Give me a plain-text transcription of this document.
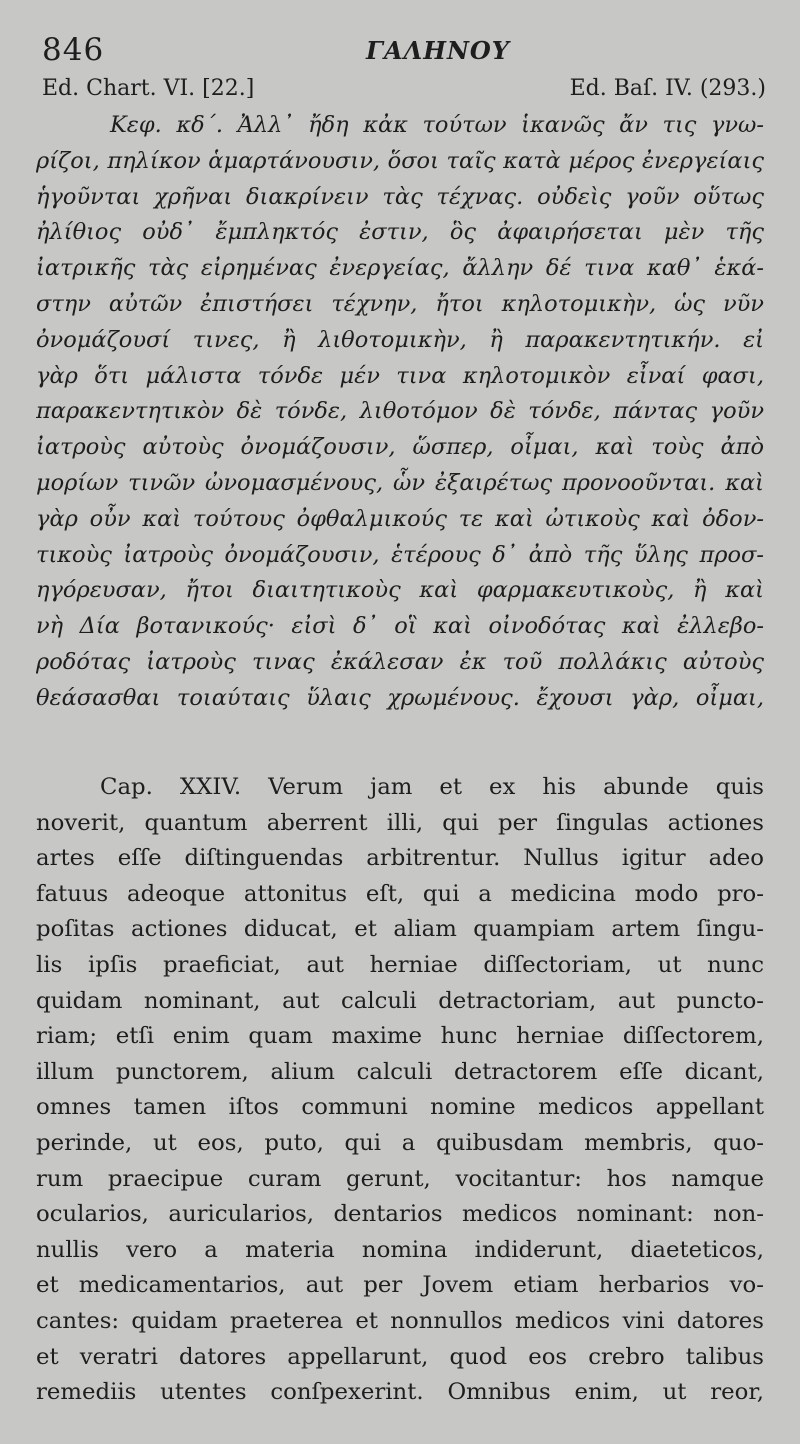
846	ΓΑΛΗΝΟΥ
Ed. Chart. VI. [22.]	Ed. Baſ. IV. (293.)
Κεφ. κδ΄. Ἀλλ᾿ ἤδη κἀκ τούτων ἱκανῶς ἄν τις γνω-
ρίζοι, πηλίκον ἁμαρτάνουσιν, ὅσοι ταῖς κατὰ μέρος ἐνεργείαις
ἡγοῦνται χρῆναι διακρίνειν τὰς τέχνας. οὐδεὶς γοῦν οὕτως
ἠλίθιος οὐδ᾿ ἔμπληκτός ἐστιν, ὃς ἀφαιρήσεται μὲν τῆς
ἰατρικῆς τὰς εἰρημένας ἐνεργείας, ἄλλην δέ τινα καθ᾿ ἑκά-
στην αὐτῶν ἐπιστήσει τέχνην, ἤτοι κηλοτομικὴν, ὡς νῦν
ὀνομάζουσί τινες, ἢ λιθοτομικὴν, ἢ παρακεντητικήν. εἰ
γὰρ ὅτι μάλιστα τόνδε μέν τινα κηλοτομικὸν εἶναί φασι,
παρακεντητικὸν δὲ τόνδε, λιθοτόμον δὲ τόνδε, πάντας γοῦν
ἰατροὺς αὐτοὺς ὀνομάζουσιν, ὥσπερ, οἶμαι, καὶ τοὺς ἀπὸ
μορίων τινῶν ὠνομασμένους, ὧν ἐξαιρέτως προνοοῦνται. καὶ
γὰρ οὖν καὶ τούτους ὀφθαλμικούς τε καὶ ὠτικοὺς καὶ ὀδον-
τικοὺς ἰατροὺς ὀνομάζουσιν, ἑτέρους δ᾿ ἀπὸ τῆς ὕλης προσ-
ηγόρευσαν, ἤτοι διαιτητικοὺς καὶ φαρμακευτικοὺς, ἢ καὶ
νὴ Δία βοτανικούς· εἰσὶ δ᾿ οἳ καὶ οἰνοδότας καὶ ἐλλεβο-
ροδότας ἰατροὺς τινας ἐκάλεσαν ἐκ τοῦ πολλάκις αὐτοὺς
θεάσασθαι τοιαύταις ὕλαις χρωμένους. ἔχουσι γὰρ, οἶμαι,
Cap. XXIV. Verum jam et ex his abunde quis
noverit, quantum aberrent illi, qui per ſingulas actiones
artes eſſe diſtinguendas arbitrentur. Nullus igitur adeo
fatuus adeoque attonitus eſt, qui a medicina modo pro-
poſitas actiones diducat, et aliam quampiam artem ſingu-
lis ipſis praeficiat, aut herniae diſſectoriam, ut nunc
quidam nominant, aut calculi detractoriam, aut puncto-
riam; etſi enim quam maxime hunc herniae diſſectorem,
illum punctorem, alium calculi detractorem eſſe dicant,
omnes tamen iſtos communi nomine medicos appellant
perinde, ut eos, puto, qui a quibusdam membris, quo-
rum praecipue curam gerunt, vocitantur: hos namque
ocularios, auricularios, dentarios medicos nominant: non-
nullis vero a materia nomina indiderunt, diaeteticos,
et medicamentarios, aut per Jovem etiam herbarios vo-
cantes: quidam praeterea et nonnullos medicos vini datores
et veratri datores appellarunt, quod eos crebro talibus
remediis utentes conſpexerint. Omnibus enim, ut reor,
